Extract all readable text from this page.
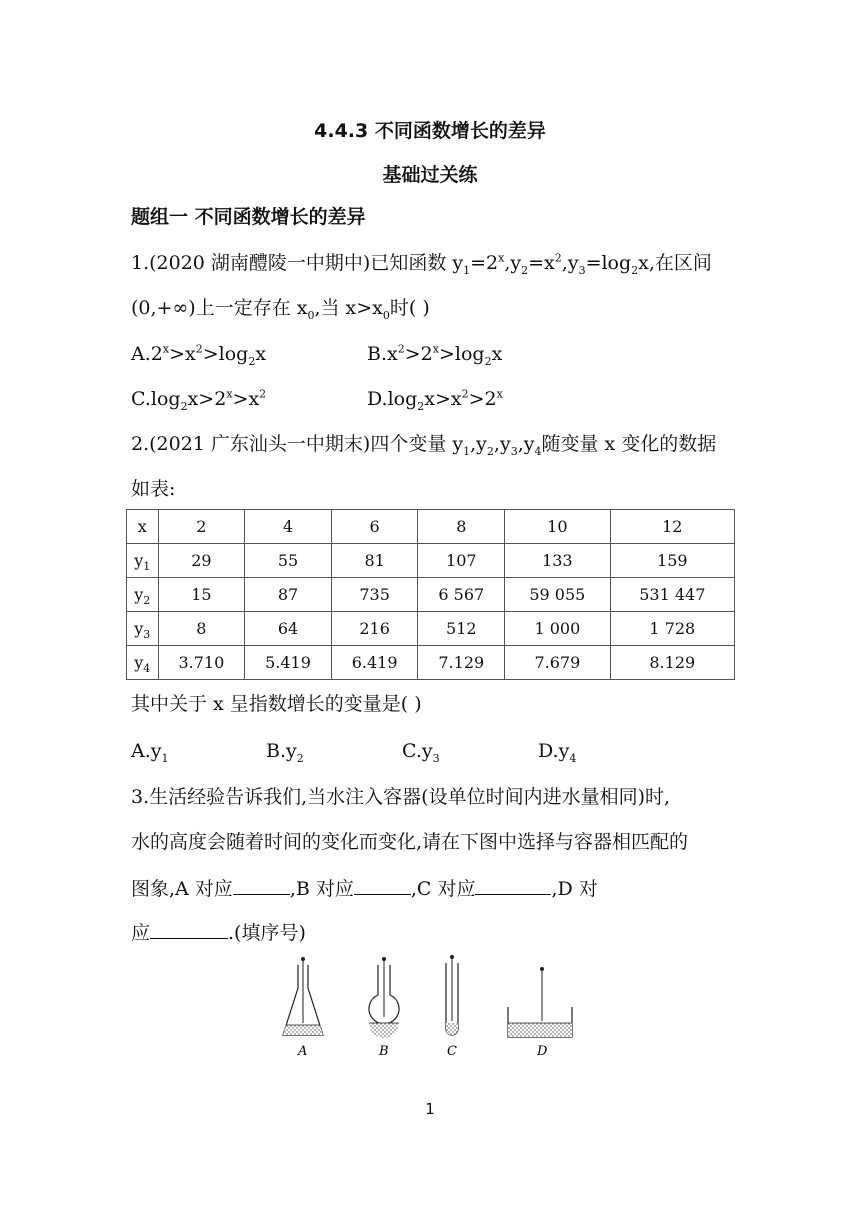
4.4.3 不同函数增长的差异
基础过关练
题组一 不同函数增长的差异
1.(2020 湖南醴陵一中期中)已知函数 $y_1=2^x,y_2=x^2,y_3=\log_2x$,在区间
(0,+∞)上一定存在 $x_0$,当 $x>x_0$时( )
$A.2^x>x^2>\log_2x$	$B.x^2>2^x>\log_2x$
$C.\log_2x>2^x>x^2$	$D.\log_2x>x^2>2^x$
2.(2021 广东汕头一中期末)四个变量 $y_1,y_2,y_3,y_4$随变量 x 变化的数据
如表:
x	2	4	6	8	10	12
$y_1$	29	55	81	107	133	159
$y_2$	15	87	735	6 567	59 055	531 447
$y_3$	8	64	216	512	1 000	1 728
$y_4$	3.710	5.419	6.419	7.129	7.679	8.129
其中关于 x 呈指数增长的变量是( )
$A.y_1$	$B.y_2$	$C.y_3$	$D.y_4$
3.生活经验告诉我们,当水注入容器(设单位时间内进水量相同)时,
水的高度会随着时间的变化而变化,请在下图中选择与容器相匹配的
图象,A 对应	,B 对应	,C 对应	,D 对
应	.(填序号)
A	B	C	D
1
